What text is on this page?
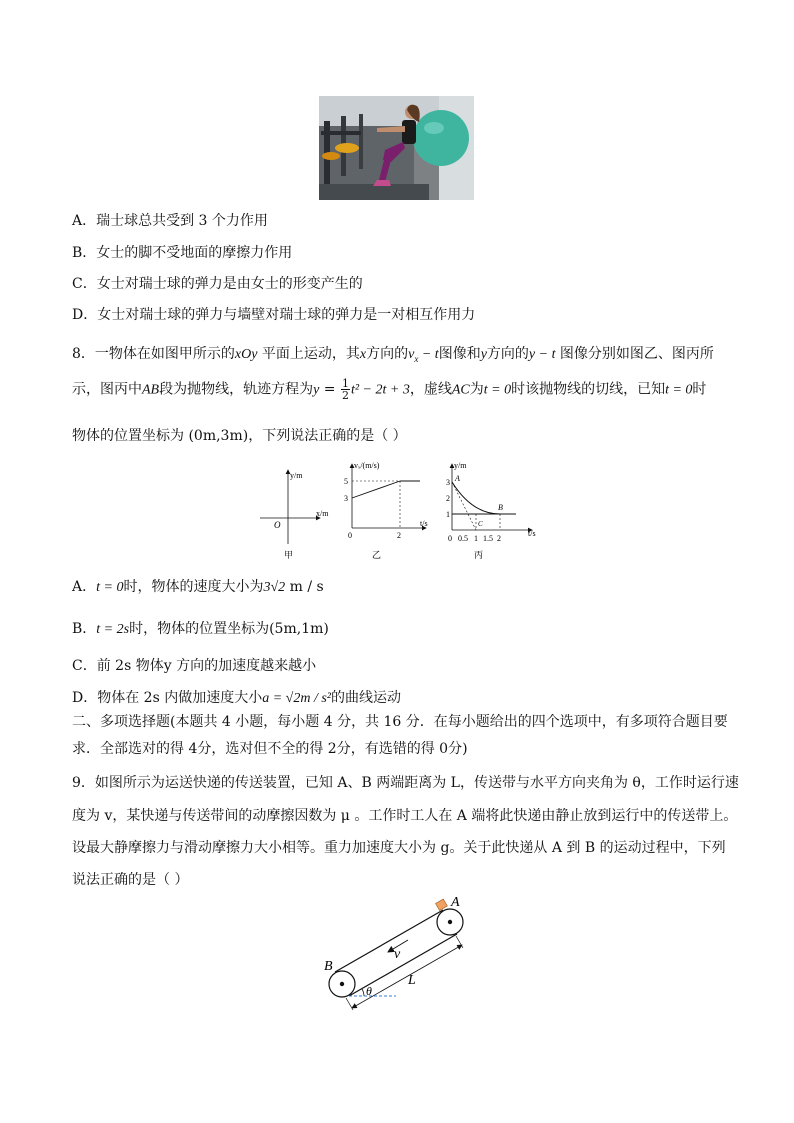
A．瑞士球总共受到 3 个力作用
B．女士的脚不受地面的摩擦力作用
C．女士对瑞士球的弹力是由女士的形变产生的
D．女士对瑞士球的弹力与墙壁对瑞士球的弹力是一对相互作用力
8．一物体在如图甲所示的xOy 平面上运动，其x方向的$v_x - t$图像和y方向的y − t 图像分别如图乙、图丙所
示，图丙中AB段为抛物线，轨迹方程为$y = \frac{1}{2} t^2 - 2t + 3$，虚线AC为t = 0时该抛物线的切线，已知t = 0时
物体的位置坐标为 (0m,3m)，下列说法正确的是（ ）
y/m
x/m
O
甲
vₓ/(m/s)
t/s
5
3
0	2
乙
y/m
t/s
3
2
1
0 0.5 1 1.5 2
A
B
C
丙
A．t = 0时，物体的速度大小为3√2 m / s
B．t = 2s时，物体的位置坐标为(5m,1m)
C．前 2s 物体y 方向的加速度越来越小
D．物体在 2s 内做加速度大小a = √2m / s²的曲线运动
二、多项选择题(本题共 4 小题，每小题 4 分，共 16 分．在每小题给出的四个选项中，有多项符合题目要
求．全部选对的得 4分，选对但不全的得 2分，有选错的得 0分)
9．如图所示为运送快递的传送装置，已知 A、B 两端距离为 L，传送带与水平方向夹角为 θ，工作时运行速
度为 v，某快递与传送带间的动摩擦因数为 μ 。工作时工人在 A 端将此快递由静止放到运行中的传送带上。
设最大静摩擦力与滑动摩擦力大小相等。重力加速度大小为 g。关于此快递从 A 到 B 的运动过程中，下列
说法正确的是（ ）
A
B
v
L
θ
